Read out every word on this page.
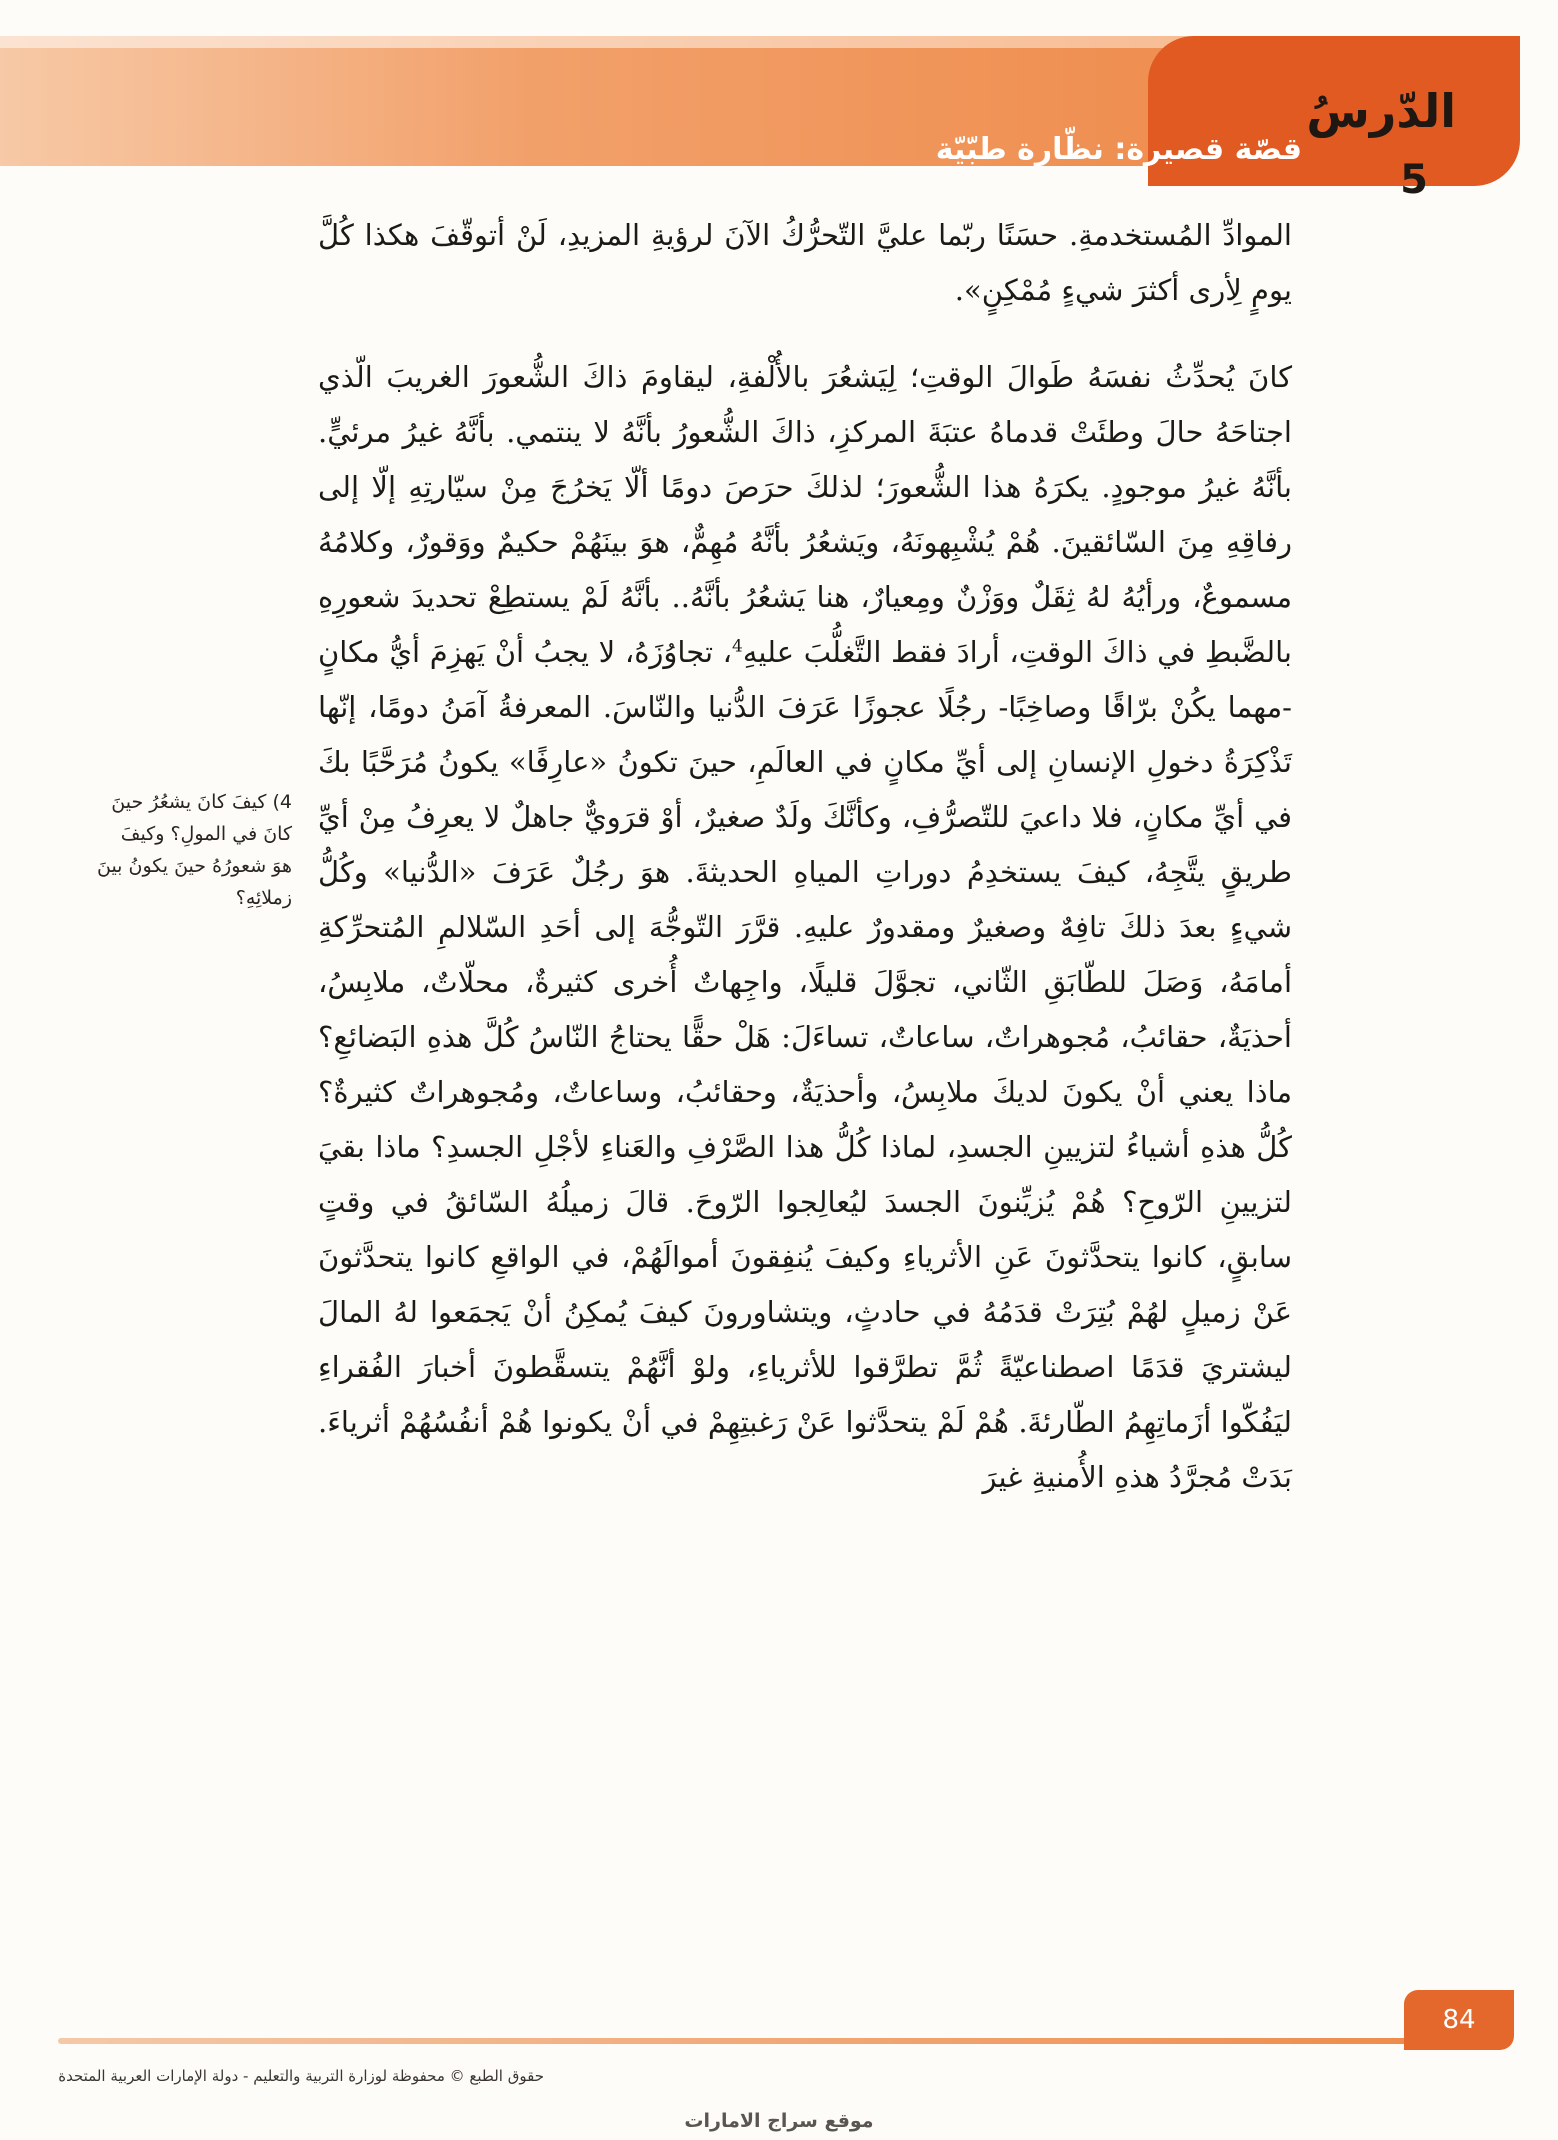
الدّرسُ
5
قصّة قصيرة: نظّارة طبّيّة

الموادِّ المُستخدمةِ. حسَنًا ربّما عليَّ التّحرُّكُ الآنَ لرؤيةِ المزيدِ، لَنْ أتوقّفَ هكذا كُلَّ يومٍ لِأرى أكثرَ شيءٍ مُمْكِنٍ».

كانَ يُحدِّثُ نفسَهُ طَوالَ الوقتِ؛ لِيَشعُرَ بالأُلْفةِ، ليقاومَ ذاكَ الشُّعورَ الغريبَ الّذي اجتاحَهُ حالَ وطئَتْ قدماهُ عتبَةَ المركزِ، ذاكَ الشُّعورُ بأنَّهُ لا ينتمي. بأنَّهُ غيرُ مرئيٍّ. بأنَّهُ غيرُ موجودٍ. يكرَهُ هذا الشُّعورَ؛ لذلكَ حرَصَ دومًا ألّا يَخرُجَ مِنْ سيّارتِهِ إلّا إلى رفاقِهِ مِنَ السّائقينَ. هُمْ يُشْبِهونَهُ، ويَشعُرُ بأنَّهُ مُهِمٌّ، هوَ بينَهُمْ حكيمٌ ووَقورٌ، وكلامُهُ مسموعٌ، ورأيُهُ لهُ ثِقَلٌ ووَزْنٌ ومِعيارٌ، هنا يَشعُرُ بأنَّهُ.. بأنَّهُ لَمْ يستطِعْ تحديدَ شعورِهِ بالضَّبطِ في ذاكَ الوقتِ، أرادَ فقط التَّغلُّبَ عليهِ$^4$، تجاوُزَهُ، لا يجبُ أنْ يَهزِمَ أيُّ مكانٍ -مهما يكُنْ برّاقًا وصاخِبًا- رجُلًا عجوزًا عَرَفَ الدُّنيا والنّاسَ. المعرفةُ آمَنُ دومًا، إنّها تَذْكِرَةُ دخولِ الإنسانِ إلى أيِّ مكانٍ في العالَمِ، حينَ تكونُ «عارِفًا» يكونُ مُرَحَّبًا بكَ في أيِّ مكانٍ، فلا داعيَ للتّصرُّفِ، وكأنَّكَ ولَدٌ صغيرٌ، أوْ قرَويٌّ جاهلٌ لا يعرِفُ مِنْ أيِّ طريقٍ يتَّجِهُ، كيفَ يستخدِمُ دوراتِ المياهِ الحديثةَ. هوَ رجُلٌ عَرَفَ «الدُّنيا» وكُلُّ شيءٍ بعدَ ذلكَ تافِهٌ وصغيرٌ ومقدورٌ عليهِ. قرَّرَ التّوجُّهَ إلى أحَدِ السّلالمِ المُتحرِّكةِ أمامَهُ، وَصَلَ للطّابَقِ الثّاني، تجوَّلَ قليلًا، واجِهاتٌ أُخرى كثيرةٌ، محلّاتٌ، ملابِسُ، أحذيَةٌ، حقائبُ، مُجوهراتٌ، ساعاتٌ، تساءَلَ: هَلْ حقًّا يحتاجُ النّاسُ كُلَّ هذهِ البَضائعِ؟ ماذا يعني أنْ يكونَ لديكَ ملابِسُ، وأحذيَةٌ، وحقائبُ، وساعاتٌ، ومُجوهراتٌ كثيرةٌ؟ كُلُّ هذهِ أشياءُ لتزيينِ الجسدِ، لماذا كُلُّ هذا الصَّرْفِ والعَناءِ لأجْلِ الجسدِ؟ ماذا بقيَ لتزيينِ الرّوحِ؟ هُمْ يُزيِّنونَ الجسدَ ليُعالِجوا الرّوحَ. قالَ زميلُهُ السّائقُ في وقتٍ سابقٍ، كانوا يتحدَّثونَ عَنِ الأثرياءِ وكيفَ يُنفِقونَ أموالَهُمْ، في الواقعِ كانوا يتحدَّثونَ عَنْ زميلٍ لهُمْ بُتِرَتْ قدَمُهُ في حادثٍ، ويتشاورونَ كيفَ يُمكِنُ أنْ يَجمَعوا لهُ المالَ ليشتريَ قدَمًا اصطناعيّةً ثُمَّ تطرَّقوا للأثرياءِ، ولوْ أنَّهُمْ يتسقَّطونَ أخبارَ الفُقراءِ ليَفُكّوا أزَماتِهِمُ الطّارئةَ. هُمْ لَمْ يتحدَّثوا عَنْ رَغبتِهِمْ في أنْ يكونوا هُمْ أنفُسُهُمْ أثرياءَ. بَدَتْ مُجرَّدُ هذهِ الأُمنيةِ غيرَ

4) كيفَ كانَ يشعُرُ حينَ كانَ في المولِ؟ وكيفَ هوَ شعورُهُ حينَ يكونُ بينَ زملائِهِ؟
84
حقوق الطبع © محفوظة لوزارة التربية والتعليم - دولة الإمارات العربية المتحدة
موقع سراج الامارات
